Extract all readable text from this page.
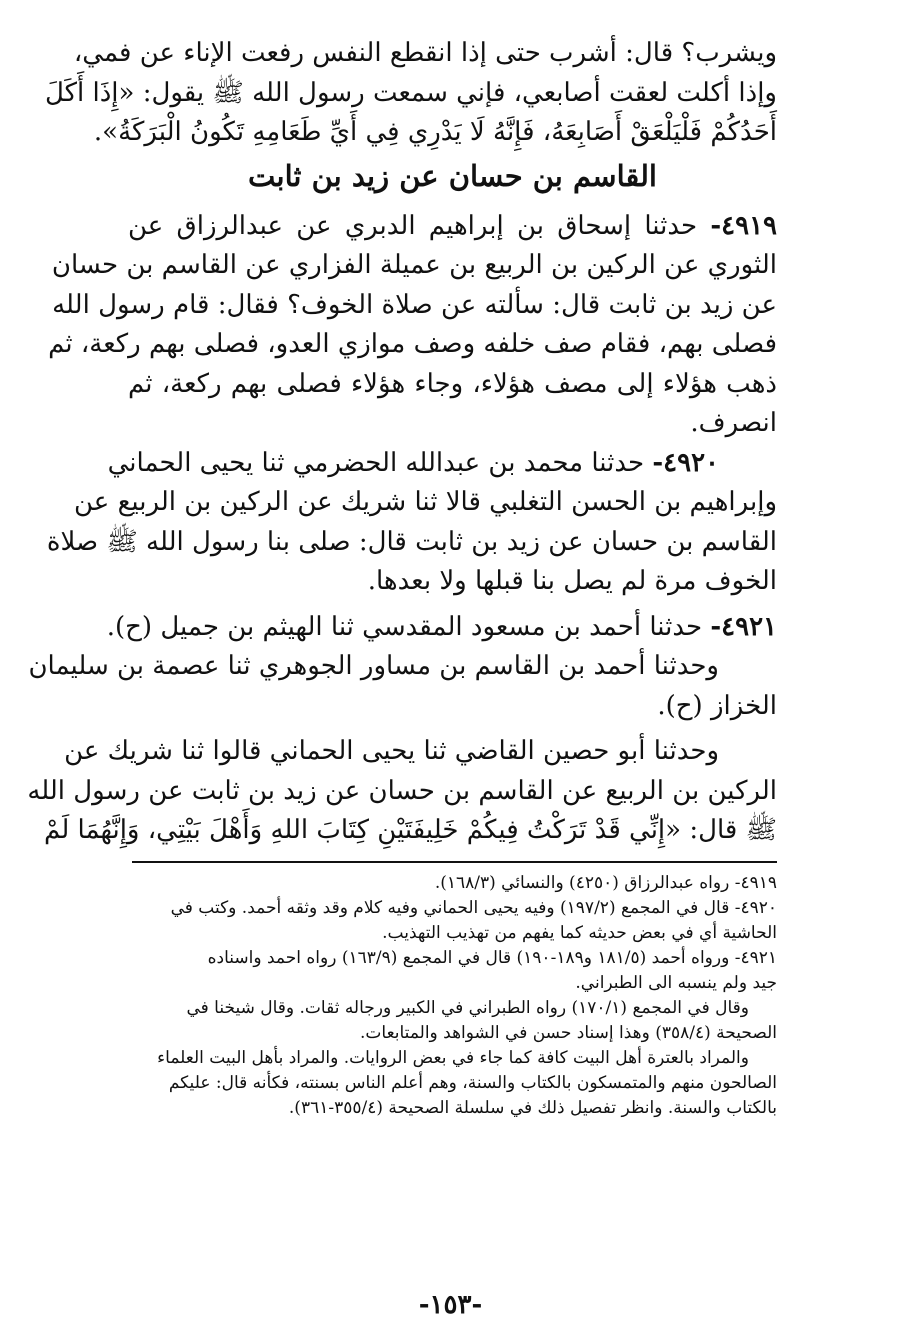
ويشرب؟ قال: أشرب حتى إذا انقطع النفس رفعت الإناء عن فمي،
وإذا أكلت لعقت أصابعي، فإني سمعت رسول الله ﷺ يقول: «إِذَا أَكَلَ
أَحَدُكُمْ فَلْيَلْعَقْ أَصَابِعَهُ، فَإِنَّهُ لَا يَدْرِي فِي أَيِّ طَعَامِهِ تَكُونُ الْبَرَكَةُ».
القاسم بن حسان عن زيد بن ثابت
٤٩١٩- حدثنا إسحاق بن إبراهيم الدبري عن عبدالرزاق عن
الثوري عن الركين بن الربيع بن عميلة الفزاري عن القاسم بن حسان
عن زيد بن ثابت قال: سألته عن صلاة الخوف؟ فقال: قام رسول الله
فصلى بهم، فقام صف خلفه وصف موازي العدو، فصلى بهم ركعة، ثم
ذهب هؤلاء إلى مصف هؤلاء، وجاء هؤلاء فصلى بهم ركعة، ثم
انصرف.
٤٩٢٠- حدثنا محمد بن عبدالله الحضرمي ثنا يحيى الحماني
وإبراهيم بن الحسن التغلبي قالا ثنا شريك عن الركين بن الربيع عن
القاسم بن حسان عن زيد بن ثابت قال: صلى بنا رسول الله ﷺ صلاة
الخوف مرة لم يصل بنا قبلها ولا بعدها.
٤٩٢١- حدثنا أحمد بن مسعود المقدسي ثنا الهيثم بن جميل (ح).
وحدثنا أحمد بن القاسم بن مساور الجوهري ثنا عصمة بن سليمان
الخزاز (ح).
وحدثنا أبو حصين القاضي ثنا يحيى الحماني قالوا ثنا شريك عن
الركين بن الربيع عن القاسم بن حسان عن زيد بن ثابت عن رسول الله
ﷺ قال: «إِنِّي قَدْ تَرَكْتُ فِيكُمْ خَلِيفَتَيْنِ كِتَابَ اللهِ وَأَهْلَ بَيْتِي، وَإِنَّهُمَا لَمْ
٤٩١٩- رواه عبدالرزاق (٤٢٥٠) والنسائي (١٦٨/٣).
٤٩٢٠- قال في المجمع (١٩٧/٢) وفيه يحيى الحماني وفيه كلام وقد وثقه أحمد. وكتب في
الحاشية أي في بعض حديثه كما يفهم من تهذيب التهذيب.
٤٩٢١- ورواه أحمد (١٨١/٥ و١٨٩-١٩٠) قال في المجمع (١٦٣/٩) رواه احمد واسناده
جيد ولم ينسبه الى الطبراني.
وقال في المجمع (١٧٠/١) رواه الطبراني في الكبير ورجاله ثقات. وقال شيخنا في
الصحيحة (٣٥٨/٤) وهذا إسناد حسن في الشواهد والمتابعات.
والمراد بالعترة أهل البيت كافة كما جاء في بعض الروايات. والمراد بأهل البيت العلماء
الصالحون منهم والمتمسكون بالكتاب والسنة، وهم أعلم الناس بسنته، فكأنه قال: عليكم
بالكتاب والسنة. وانظر تفصيل ذلك في سلسلة الصحيحة (٣٥٥/٤-٣٦١).
-١٥٣-
